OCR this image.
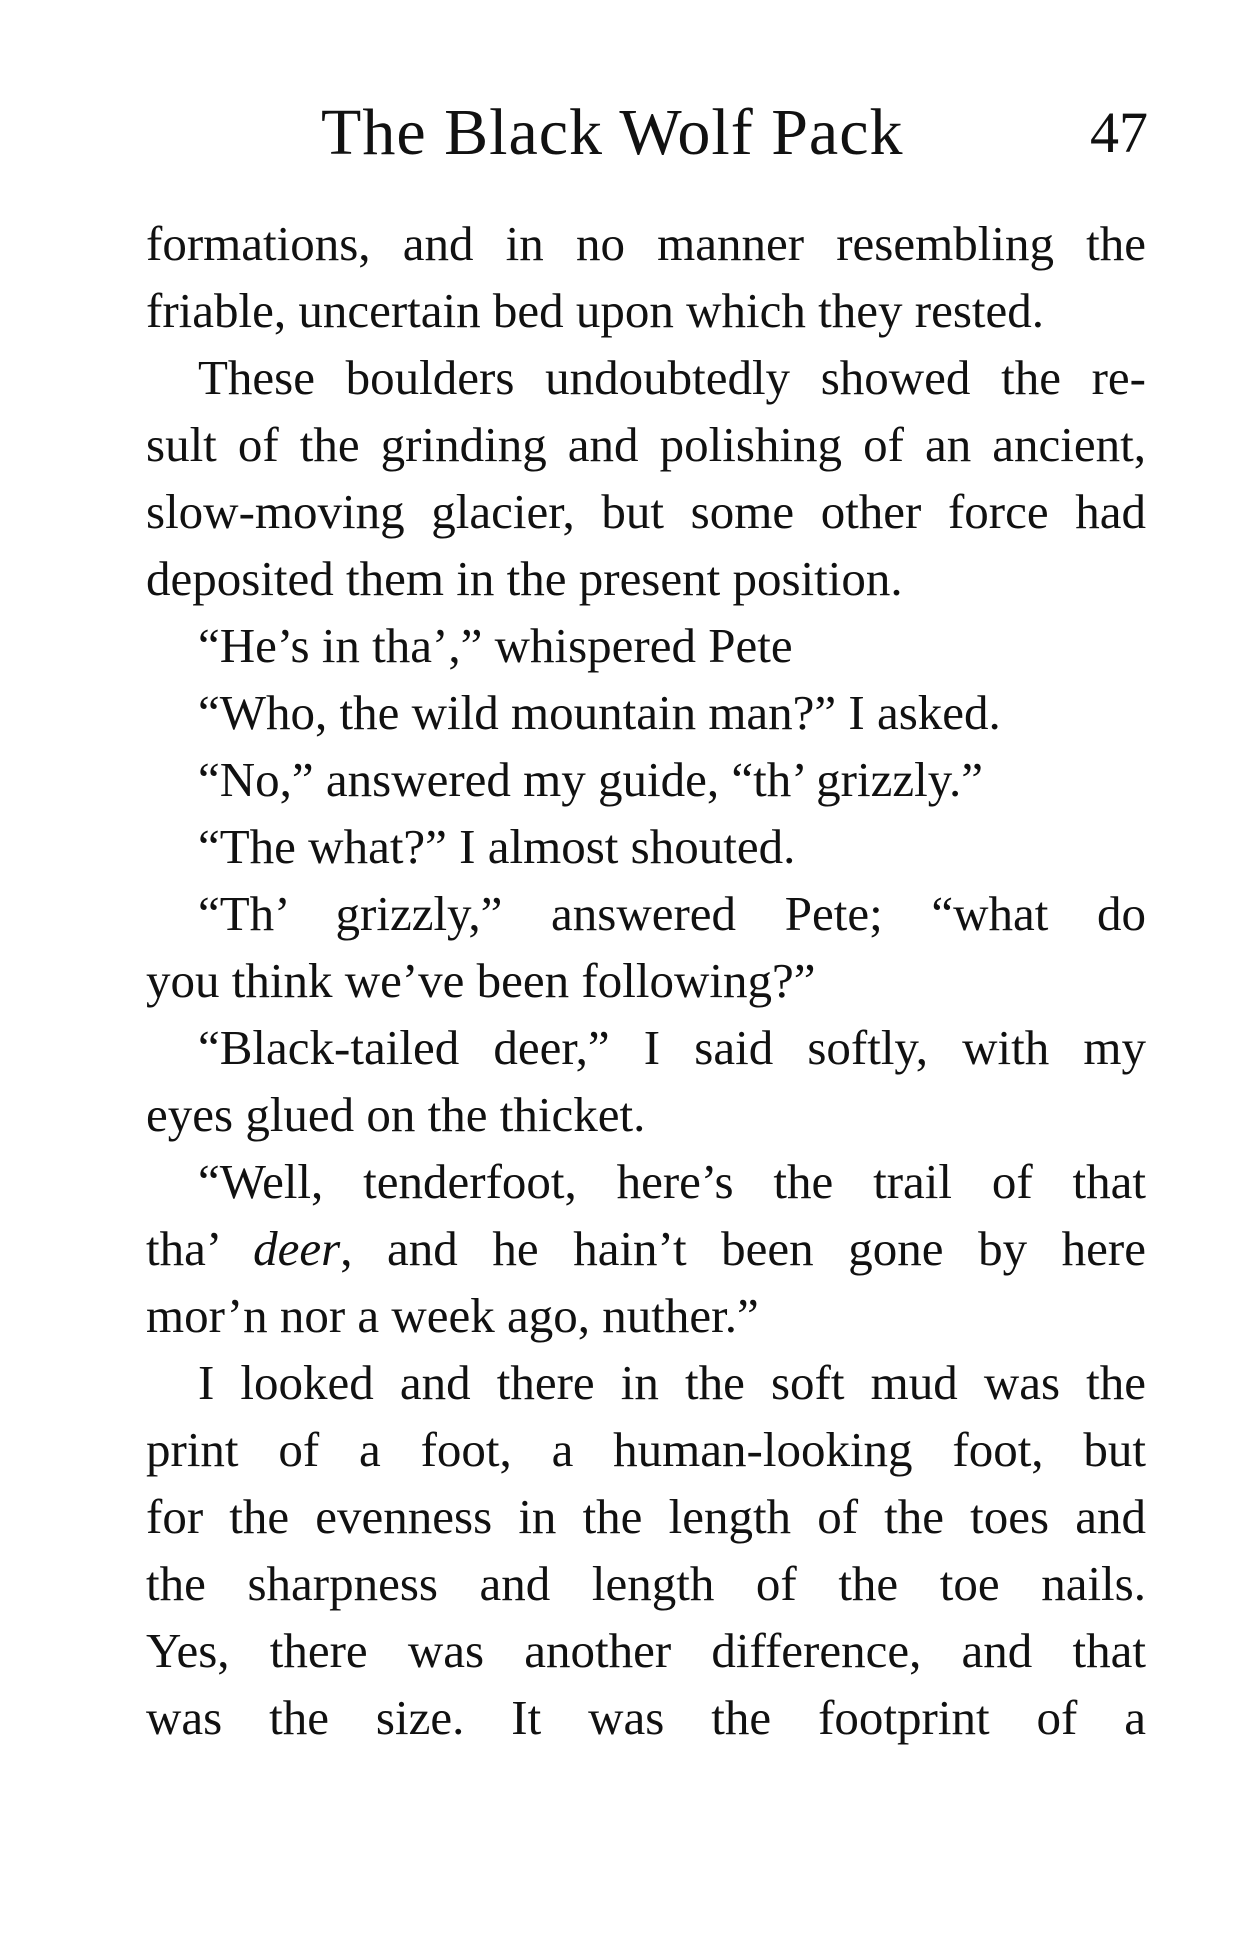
The Black Wolf Pack	47
formations, and in no manner resembling the
friable, uncertain bed upon which they rested.
These boulders undoubtedly showed the re-
sult of the grinding and polishing of an ancient,
slow-moving glacier, but some other force had
deposited them in the present position.
“He’s in tha’,” whispered Pete
“Who, the wild mountain man?” I asked.
“No,” answered my guide, “th’ grizzly.”
“The what?” I almost shouted.
“Th’ grizzly,” answered Pete; “what do
you think we’ve been following?”
“Black-tailed deer,” I said softly, with my
eyes glued on the thicket.
“Well, tenderfoot, here’s the trail of that
tha’ deer, and he hain’t been gone by here
mor’n nor a week ago, nuther.”
I looked and there in the soft mud was the
print of a foot, a human-looking foot, but
for the evenness in the length of the toes and
the sharpness and length of the toe nails.
Yes, there was another difference, and that
was the size. It was the footprint of a
